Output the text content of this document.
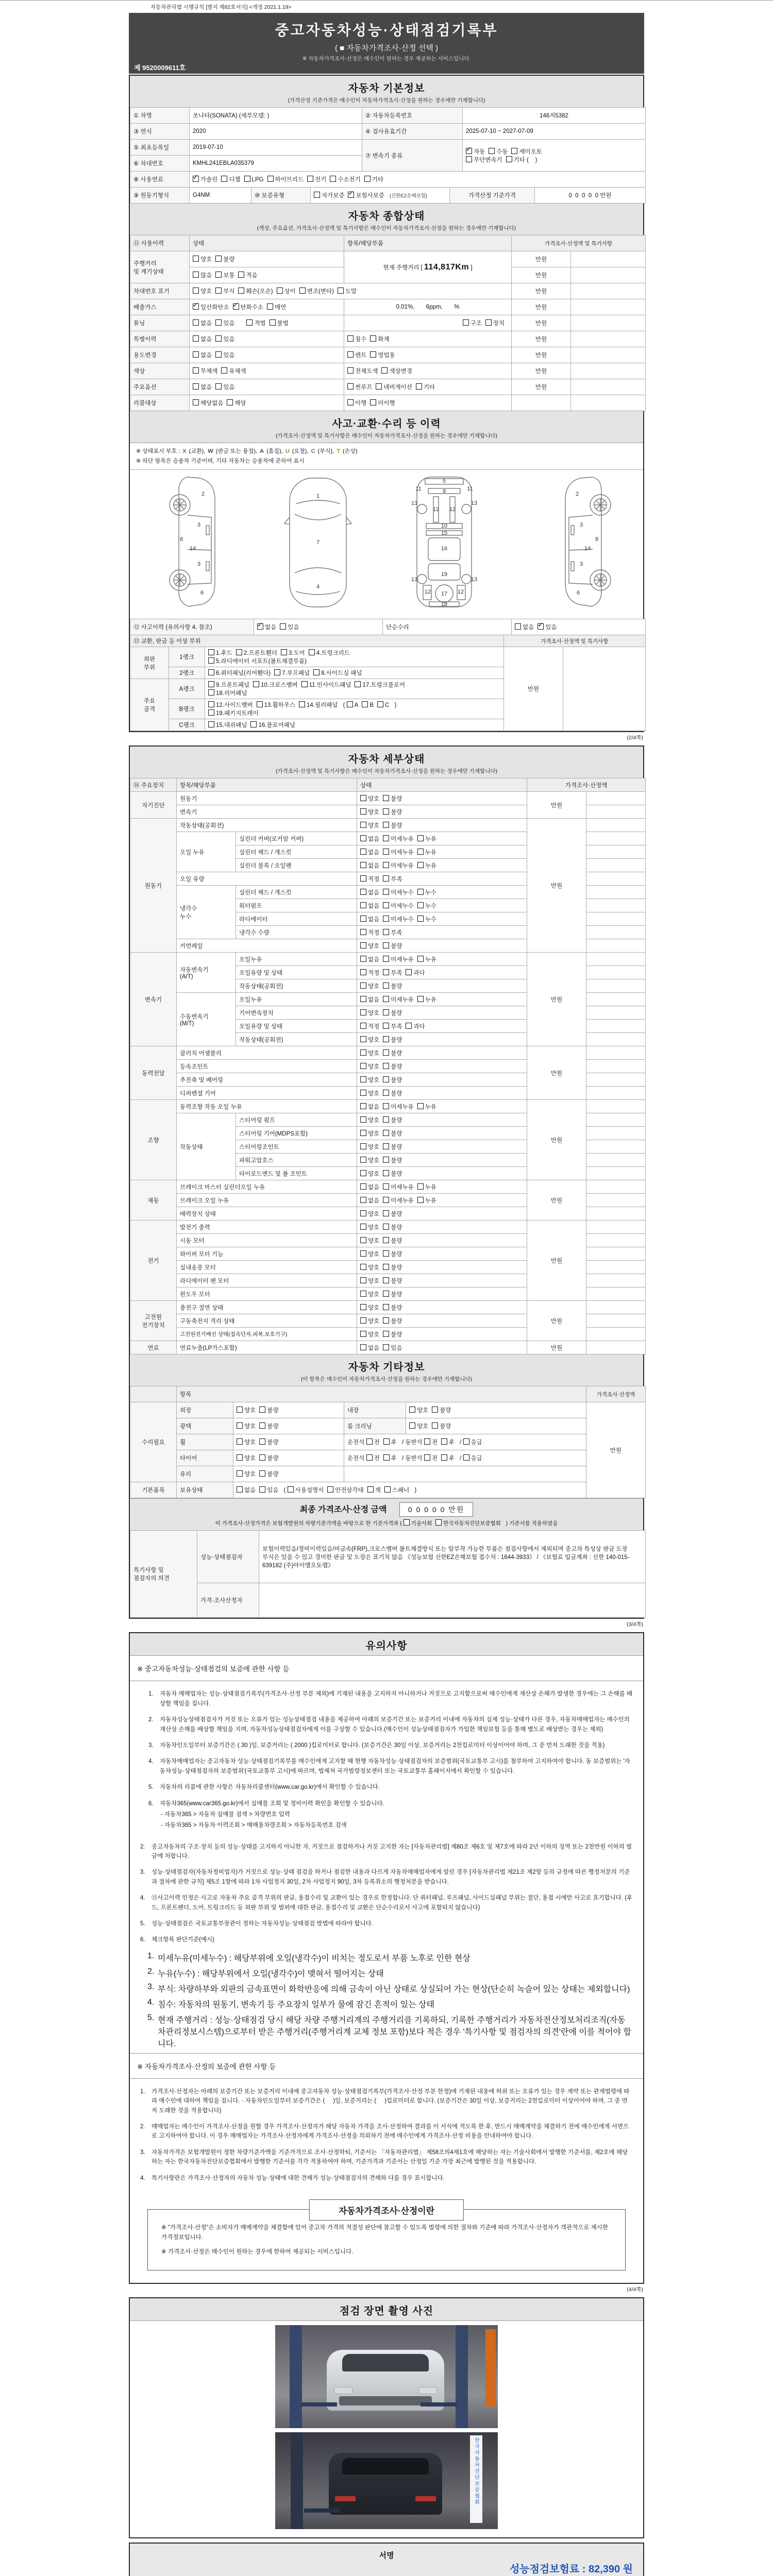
자동차관리법 시행규칙 [별지 제82호서식] <개정 2021.1.19>
중고자동차성능·상태점검기록부
( ■ 자동차가격조사·산정 선택 )
※ 자동차가격조사·산정은 매수인이 원하는 경우 제공하는 서비스입니다.
제 9520009611호
자동차 기본정보
(가격산정 기준가격은 매수인이 자동차가격조사·산정을 원하는 경우에만 기재합니다)
① 차명	쏘나타(SONATA) (세부모델: )	② 자동차등록번호	146저5382
③ 연식	2020	④ 검사유효기간	2025-07-10 ~ 2027-07-09
⑤ 최초등록일	2019-07-10	⑦ 변속기 종류	✓자동 수동 세미오토
무단변속기 기타 (    )
⑥ 차대번호	KMHL241EBLA035379		
⑧ 사용연료	✓가솔린 디젤 LPG 하이브리드 전기 수소전기 기타
⑨ 원동기형식	G4NM	⑩ 보증유형	자가보증 ✓ 보험사보증 [신한EZ손해보험]	가격산정 기준가격	0  0  0  0  0 만원
자동차 종합상태
(색상, 주요옵션, 가격조사·산정액 및 특기사항은 매수인이 자동차가격조사·산정을 원하는 경우에만 기재합니다)
⑪ 사용이력	상태	항목/해당부품	가격조사·산정액 및 특기사항	
주행거리
및 계기상태	양호 불량	현재 주행거리 [ 114,817Km ]	만원	
	많음 보통 적음		만원	
차대번호 표기	양호 부식 훼손(오손) 상이 변조(변타) 도말		만원	
배출가스	✓일산화탄소 ✓ 탄화수소 매연	0.01%,       6ppm,       %	만원	
튜닝	없음 있음 적법 불법	구조 장치	만원	
특별이력	없음 있음	침수 화재	만원	
용도변경	없음 있음	렌트 영업용	만원	
색상	무채색 유채색	전체도색 색상변경	만원	
주요옵션	없음 있음	썬루프 네비게이션 기타	만원	
리콜대상	해당없음 해당	이행 미이행		
사고·교환·수리 등 이력
(가격조사·산정액 및 특기사항은 매수인이 자동차가격조사·산정을 원하는 경우에만 기재합니다)
※ 상태표시 부호 : X (교환), W (판금 또는 용접), A (흠집), U (요철), C (부식), T (손상)
※ 하단 항목은 승용차 기준이며, 기타 자동차는 승용차에 준하여 표시
2
8
3
14
3
6
1
7
4
5
11	11
9
13	13
12 12
10
15
16
19
13	13
17
12	12
18
2
8
3
14
3
6
⑫ 사고이력 (유의사항 4. 참조)	✓없음 있음	단순수리	없음 ✓ 있음
⑬ 교환, 판금 등 이상 부위			가격조사·산정액 및 특기사항	
외판
부위	1랭크	1.후드 2.프론트휀더 3.도어 4.트렁크리드
5.라디에이터 서포트(볼트체결부품)	만원	
	2랭크	6.쿼터패널(리어휀다) 7.루프패널 8.사이드실 패널		
주요
골격	A랭크	9.프론트패널 10.크로스멤버 11.인사이드패널 17.트렁크플로어
18.리어패널		
	B랭크	12.사이드멤버 13.휠하우스 14.필러패널 ( A B C )
19.패키지트레이		
	C랭크	15.대쉬패널 16.플로어패널		
(2/4쪽)
자동차 세부상태
(가격조사·산정액 및 특기사항은 매수인이 자동차가격조사·산정을 원하는 경우에만 기재합니다)
⑭ 주요장치	항목/해당부품		상태	가격조사·산정액	
자기진단	원동기		양호 불량	만원	
	변속기		양호 불량		
원동기	작동상태(공회전)		양호 불량	만원	
	오일 누유	실린더 커버(로커암 커버)	없음 미세누유 누유		
		실린더 헤드 / 개스킷	없음 미세누유 누유		
		실린더 블록 / 오일팬	없음 미세누유 누유		
	오일 유량		적정 부족		
	냉각수
누수	실린더 헤드 / 개스킷	없음 미세누수 누수		
		워터펌프	없음 미세누수 누수		
		라디에이터	없음 미세누수 누수		
		냉각수 수량	적정 부족		
	커먼레일		양호 불량		
변속기	자동변속기
(A/T)	오일누유	없음 미세누유 누유	만원	
		오일유량 및 상태	적정 부족 과다		
		작동상태(공회전)	양호 불량		
	수동변속기
(M/T)	오일누유	없음 미세누유 누유		
		기어변속장치	양호 불량		
		오일유량 및 상태	적정 부족 과다		
		작동상태(공회전)	양호 불량		
동력전달	클러치 어셈블리		양호 불량	만원	
	등속조인트		양호 불량		
	추진축 및 베어링		양호 불량		
	디퍼렌셜 기어		양호 불량		
조향	동력조향 작동 오일 누유		없음 미세누유 누유	만원	
	작동상태	스티어링 펌프	양호 불량		
		스티어링 기어(MDPS포함)	양호 불량		
		스티어링조인트	양호 불량		
		파워고압호스	양호 불량		
		타이로드엔드 및 볼 조인트	양호 불량		
제동	브레이크 마스터 실린더오일 누유		없음 미세누유 누유	만원	
	브레이크 오일 누유		없음 미세누유 누유		
	배력장치 상태		양호 불량		
전기	발전기 출력		양호 불량	만원	
	시동 모터		양호 불량		
	와이퍼 모터 기능		양호 불량		
	실내송풍 모터		양호 불량		
	라디에이터 팬 모터		양호 불량		
	윈도우 모터		양호 불량		
고전원
전기장치	충전구 절연 상태		양호 불량	만원	
	구동축전지 격리 상태		양호 불량		
	고전원전기배선 상태(접속단자,피복,보호기구)		양호 불량		
연료	연료누출(LP가스포함)		없음 있음	만원	
자동차 기타정보
(이 항목은 매수인이 자동차가격조사·산정을 원하는 경우에만 기재합니다)
	항목				가격조사·산정액
수리필요	외장	양호 불량	내장	양호 불량	만원
	광택	양호 불량	룸 크리닝	양호 불량	
	휠	양호 불량	운전석 전 후 / 동반석 전 후 / 응급		
	타이어	양호 불량	운전석 전 후 / 동반석 전 후 / 응급		
	유리	양호 불량			
기본품목	보유상태	없음 있음 ( 사용설명서 안전삼각대 잭 스패너 )			
최종 가격조사·산정 금액	0 0 0 0 0 만원
이 가격조사·산정가격은 보험개발원의 차량기준가액을 바탕으로 한 기준가격과 ( 기술사회 한국자동차진단보증협회 ) 기준서를 적용하였음
특기사항 및
점검자의 의견	성능·상태점검자	보험이력있음/정비이력있음/비금속(FRP),크로스멤버 볼트체결방식 또는 탈부착 가능한 부품은 점검사항에서 제외되며 중고차 특성상 판금 도장 부식은 있을 수 있고 경미한 판금 및 도장은 표기치 않음 《성능보험 신한EZ손해보험 접수처 : 1644-3933》 / 《보험료 입금계좌 : 신한 140-015-639182 (주)아이엠오토랩》
	가격·조사산정자	
(3/4쪽)
유의사항
※ 중고자동차성능·상태점검의 보증에 관한 사항 등
1.	자동차 매매업자는 성능·상태점검기록부(가격조사·산정 부분 제외)에 기재된 내용을 고지하지 아니하거나 거짓으로 고지함으로써 매수인에게 재산상 손해가 발생한 경우에는 그 손해를 배상할 책임을 집니다.
2.	자동차성능상태점검자가 거짓 또는 오류가 있는 성능상태점검 내용을 제공하여 아래의 보증기간 또는 보증거리 이내에 자동차의 실제 성능·상태가 다른 경우, 자동차매매업자는 매수인의 재산상 손해를 배상할 책임을 지며, 자동차성능상태점검자에게 이를 구상할 수 있습니다.(매수인이 성능상태점검자가 가입한 책임보험 등을 통해 별도로 배상받는 경우는 제외)
3.	자동차인도일부터 보증기간은 ( 30 )일, 보증거리는 ( 2000 )킬로미터로 합니다. (보증기간은 30일 이상, 보증거리는 2천킬로미터 이상이어야 하며, 그 중 먼저 도래한 것을 적용)
4.	자동차매매업자는 중고자동차 성능·상태점검기록부를 매수인에게 고지할 때 현행 자동차성능·상태점검자의 보증범위(국토교통부 고시)를 첨부하여 고지하여야 합니다. 동 보증범위는 '자동차성능·상태점검자의 보증범위'(국토교통부 고시)에 따르며, 법제처 국가법령정보센터 또는 국토교통부 홈페이지에서 확인할 수 있습니다.
5.	자동차의 리콜에 관한 사항은 자동차리콜센터(www.car.go.kr)에서 확인할 수 있습니다.
6.	자동차365(www.car365.go.kr)에서 실매물 조회 및 정비이력 확인을 확인할 수 있습니다.
- 자동차365 > 자동차 실매물 검색 > 차량번호 입력
- 자동차365 > 자동차 이력조회 > 매매용차량조회 > 자동차등록번호 검색
2.	중고자동차의 구조·장치 등의 성능·상태를 고지하지 아니한 자, 거짓으로 점검하거나 거짓 고지한 자는 [자동차관리법] 제80조 제6호 및 제7호에 따라 2년 이하의 징역 또는 2천만원 이하의 벌금에 처합니다.
3.	성능·상태점검자(자동차정비업자)가 거짓으로 성능·상태 점검을 하거나 점검한 내용과 다르게 자동차매매업자에게 알린 경우 [자동차관리법 제21조 제2항 등의 규정에 따른 행정처분의 기준과 절차에 관한 규칙] 제5조 1항에 따라 1차 사업정지 30일, 2차 사업정지 90일, 3차 등록취소의 행정처분을 받습니다.
4.	⑫사고이력 인정은 사고로 자동차 주요 골격 부위의 판금, 용접수리 및 교환이 있는 경우로 한정합니다. 단 쿼터패널, 루프패널, 사이드실패널 부위는 절단, 용접 시에만 사고로 표기합니다. (후드, 프론트펜더, 도어, 트렁크리드 등 외판 부위 및 범퍼에 대한 판금, 용접수리 및 교환은 단순수리로서 사고에 포함되지 않습니다)
5.	성능·상태점검은 국토교통부장관이 정하는 자동차성능·상태점검 방법에 따라야 합니다.
6.	체크항목 판단기준(예시)
1. 미세누유(미세누수) : 해당부위에 오일(냉각수)이 비치는 정도로서 부품 노후로 인한 현상
2. 누유(누수) : 해당부위에서 오일(냉각수)이 맺혀서 떨어지는 상태
3. 부식: 차량하부와 외판의 금속표면이 화학반응에 의해 금속이 아닌 상태로 상실되어 가는 현상(단순히 녹슬어 있는 상태는 제외합니다)
4. 침수: 자동차의 원동기, 변속기 등 주요장치 일부가 물에 잠긴 흔적이 있는 상태
5. 현재 주행거리 : 성능·상태점검 당시 해당 차량 주행거리계의 주행거리를 기록하되, 기록한 주행거리가 자동차전산정보처리조직(자동차관리정보시스템)으로부터 받은 주행거리(주행거리계 교체 정보 포함)보다 적은 경우 '특기사항 및 점검자의 의견'란에 이를 적어야 합니다.
※ 자동차가격조사·산정의 보증에 관한 사항 등
1.	가격조사·산정자는 아래의 보증기간 또는 보증거리 이내에 중고자동차 성능·상태점검기록부(가격조사·산정 부분 한정)에 기재된 내용에 허위 또는 오류가 있는 경우 계약 또는 관계법령에 따라 매수인에 대하여 책임을 집니다. · 자동차인도일부터 보증기간은 (     )일, 보증거리는 (     )킬로미터로 합니다. (보증기간은 30일 이상, 보증거리는 2천킬로미터 이상이어야 하며, 그 중 먼저 도래한 것을 적용합니다)
2.	매매업자는 매수인이 가격조사·산정을 원할 경우 가격조사·산정자가 해당 자동차 가격을 조사·산정하여 결과를 이 서식에 적도록 한 후, 반드시 매매계약을 체결하기 전에 매수인에게 서면으로 고지하여야 합니다. 이 경우 매매업자는 가격조사·산정자에게 가격조사·산정을 의뢰하기 전에 매수인에게 가격조사·산정 비용을 안내하여야 합니다.
3.	자동차가격은 보험개발원이 정한 차량기준가액을 기준가격으로 조사·산정하되, 기준서는 「자동차관리법」 제58조의4제1호에 해당하는 자는 기술사회에서 발행한 기준서를, 제2호에 해당하는 자는 한국자동차진단보증협회에서 발행한 기준서를 각각 적용하여야 하며, 기준가격과 기준서는 산정일 기준 가장 최근에 발행된 것을 적용합니다.
4.	특기사항란은 가격조사·산정자의 자동차 성능·상태에 대한 견해가 성능·상태점검자의 견해와 다를 경우 표시합니다.
자동차가격조사·산정이란
※ "가격조사·산정"은 소비자가 매매계약을 체결함에 있어 중고차 가격의 적절성 판단에 참고할 수 있도록 법령에 의한 절차와 기준에 따라 가격조사·산정자가 객관적으로 제시한 가격정보입니다.
※ 가격조사·산정은 매수인이 원하는 경우에 한하여 제공되는 서비스입니다.
(4/4쪽)
점검 장면 촬영 사진
한국자동차진단보증협회
서명
성능점검보험료 : 82,390 원
